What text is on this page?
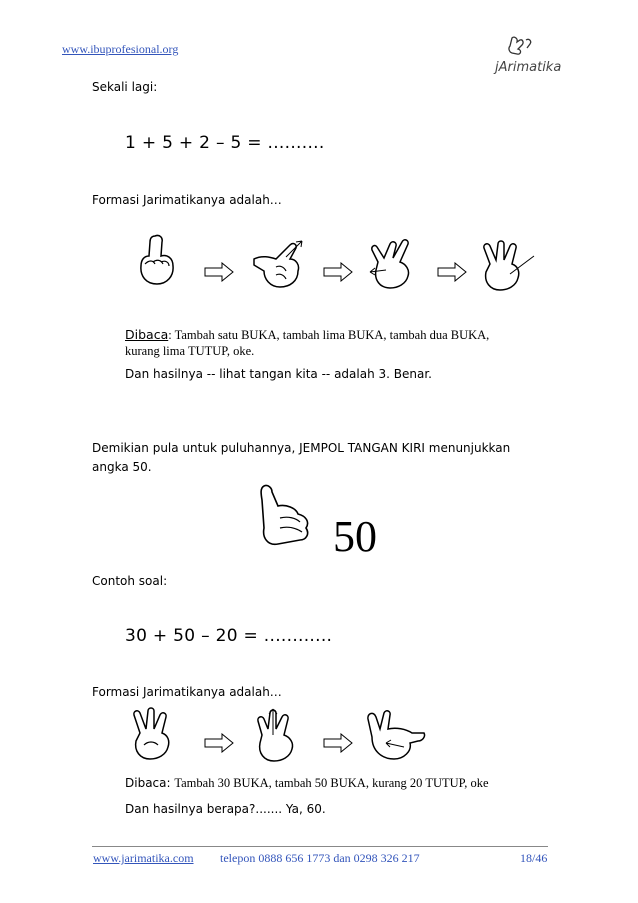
www.ibuprofesional.org
jArimatika
Sekali lagi:
1 + 5 + 2 – 5 = ..........
Formasi Jarimatikanya adalah…
Dibaca: Tambah satu BUKA, tambah lima BUKA, tambah dua BUKA,
kurang lima TUTUP, oke.
Dan hasilnya -- lihat tangan kita -- adalah 3. Benar.
Demikian pula untuk puluhannya, JEMPOL TANGAN KIRI menunjukkan
angka 50.
50
Contoh soal:
30 + 50 – 20 = ............
Formasi Jarimatikanya adalah…
Dibaca: Tambah 30 BUKA, tambah 50 BUKA, kurang 20 TUTUP, oke
Dan hasilnya berapa?....... Ya, 60.
www.jarimatika.com telepon 0888 656 1773 dan 0298 326 217	18/46
